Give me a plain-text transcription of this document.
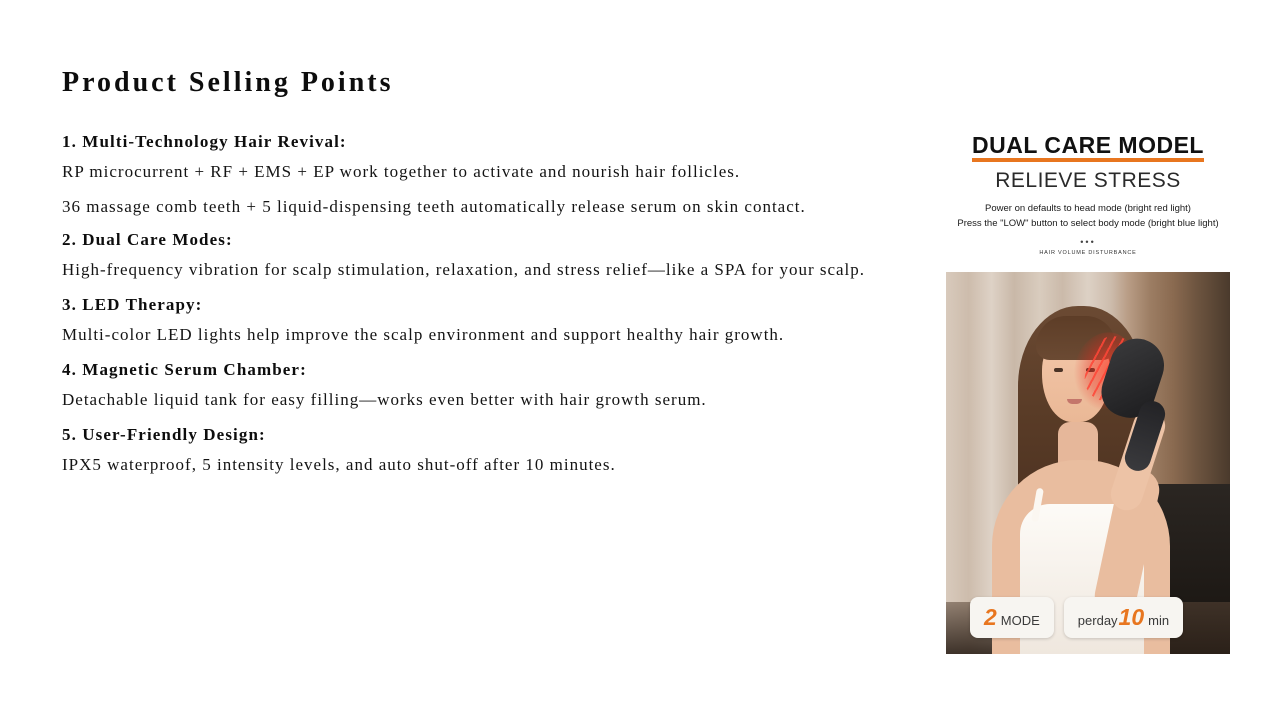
Product Selling Points
1. Multi-Technology Hair Revival:
RP microcurrent + RF + EMS + EP work together to activate and nourish hair follicles.
36 massage comb teeth + 5 liquid-dispensing teeth automatically release serum on skin contact.
2. Dual Care Modes:
High-frequency vibration for scalp stimulation, relaxation, and stress relief—like a SPA for your scalp.
3. LED Therapy:
Multi-color LED lights help improve the scalp environment and support healthy hair growth.
4. Magnetic Serum Chamber:
Detachable liquid tank for easy filling—works even better with hair growth serum.
5. User-Friendly Design:
IPX5 waterproof, 5 intensity levels, and auto shut-off after 10 minutes.
DUAL CARE MODEL
RELIEVE STRESS
Power on defaults to head mode (bright red light)
Press the "LOW" button to select body mode (bright blue light)
•••
HAIR VOLUME DISTURBANCE
2 MODE	perday 10 min
